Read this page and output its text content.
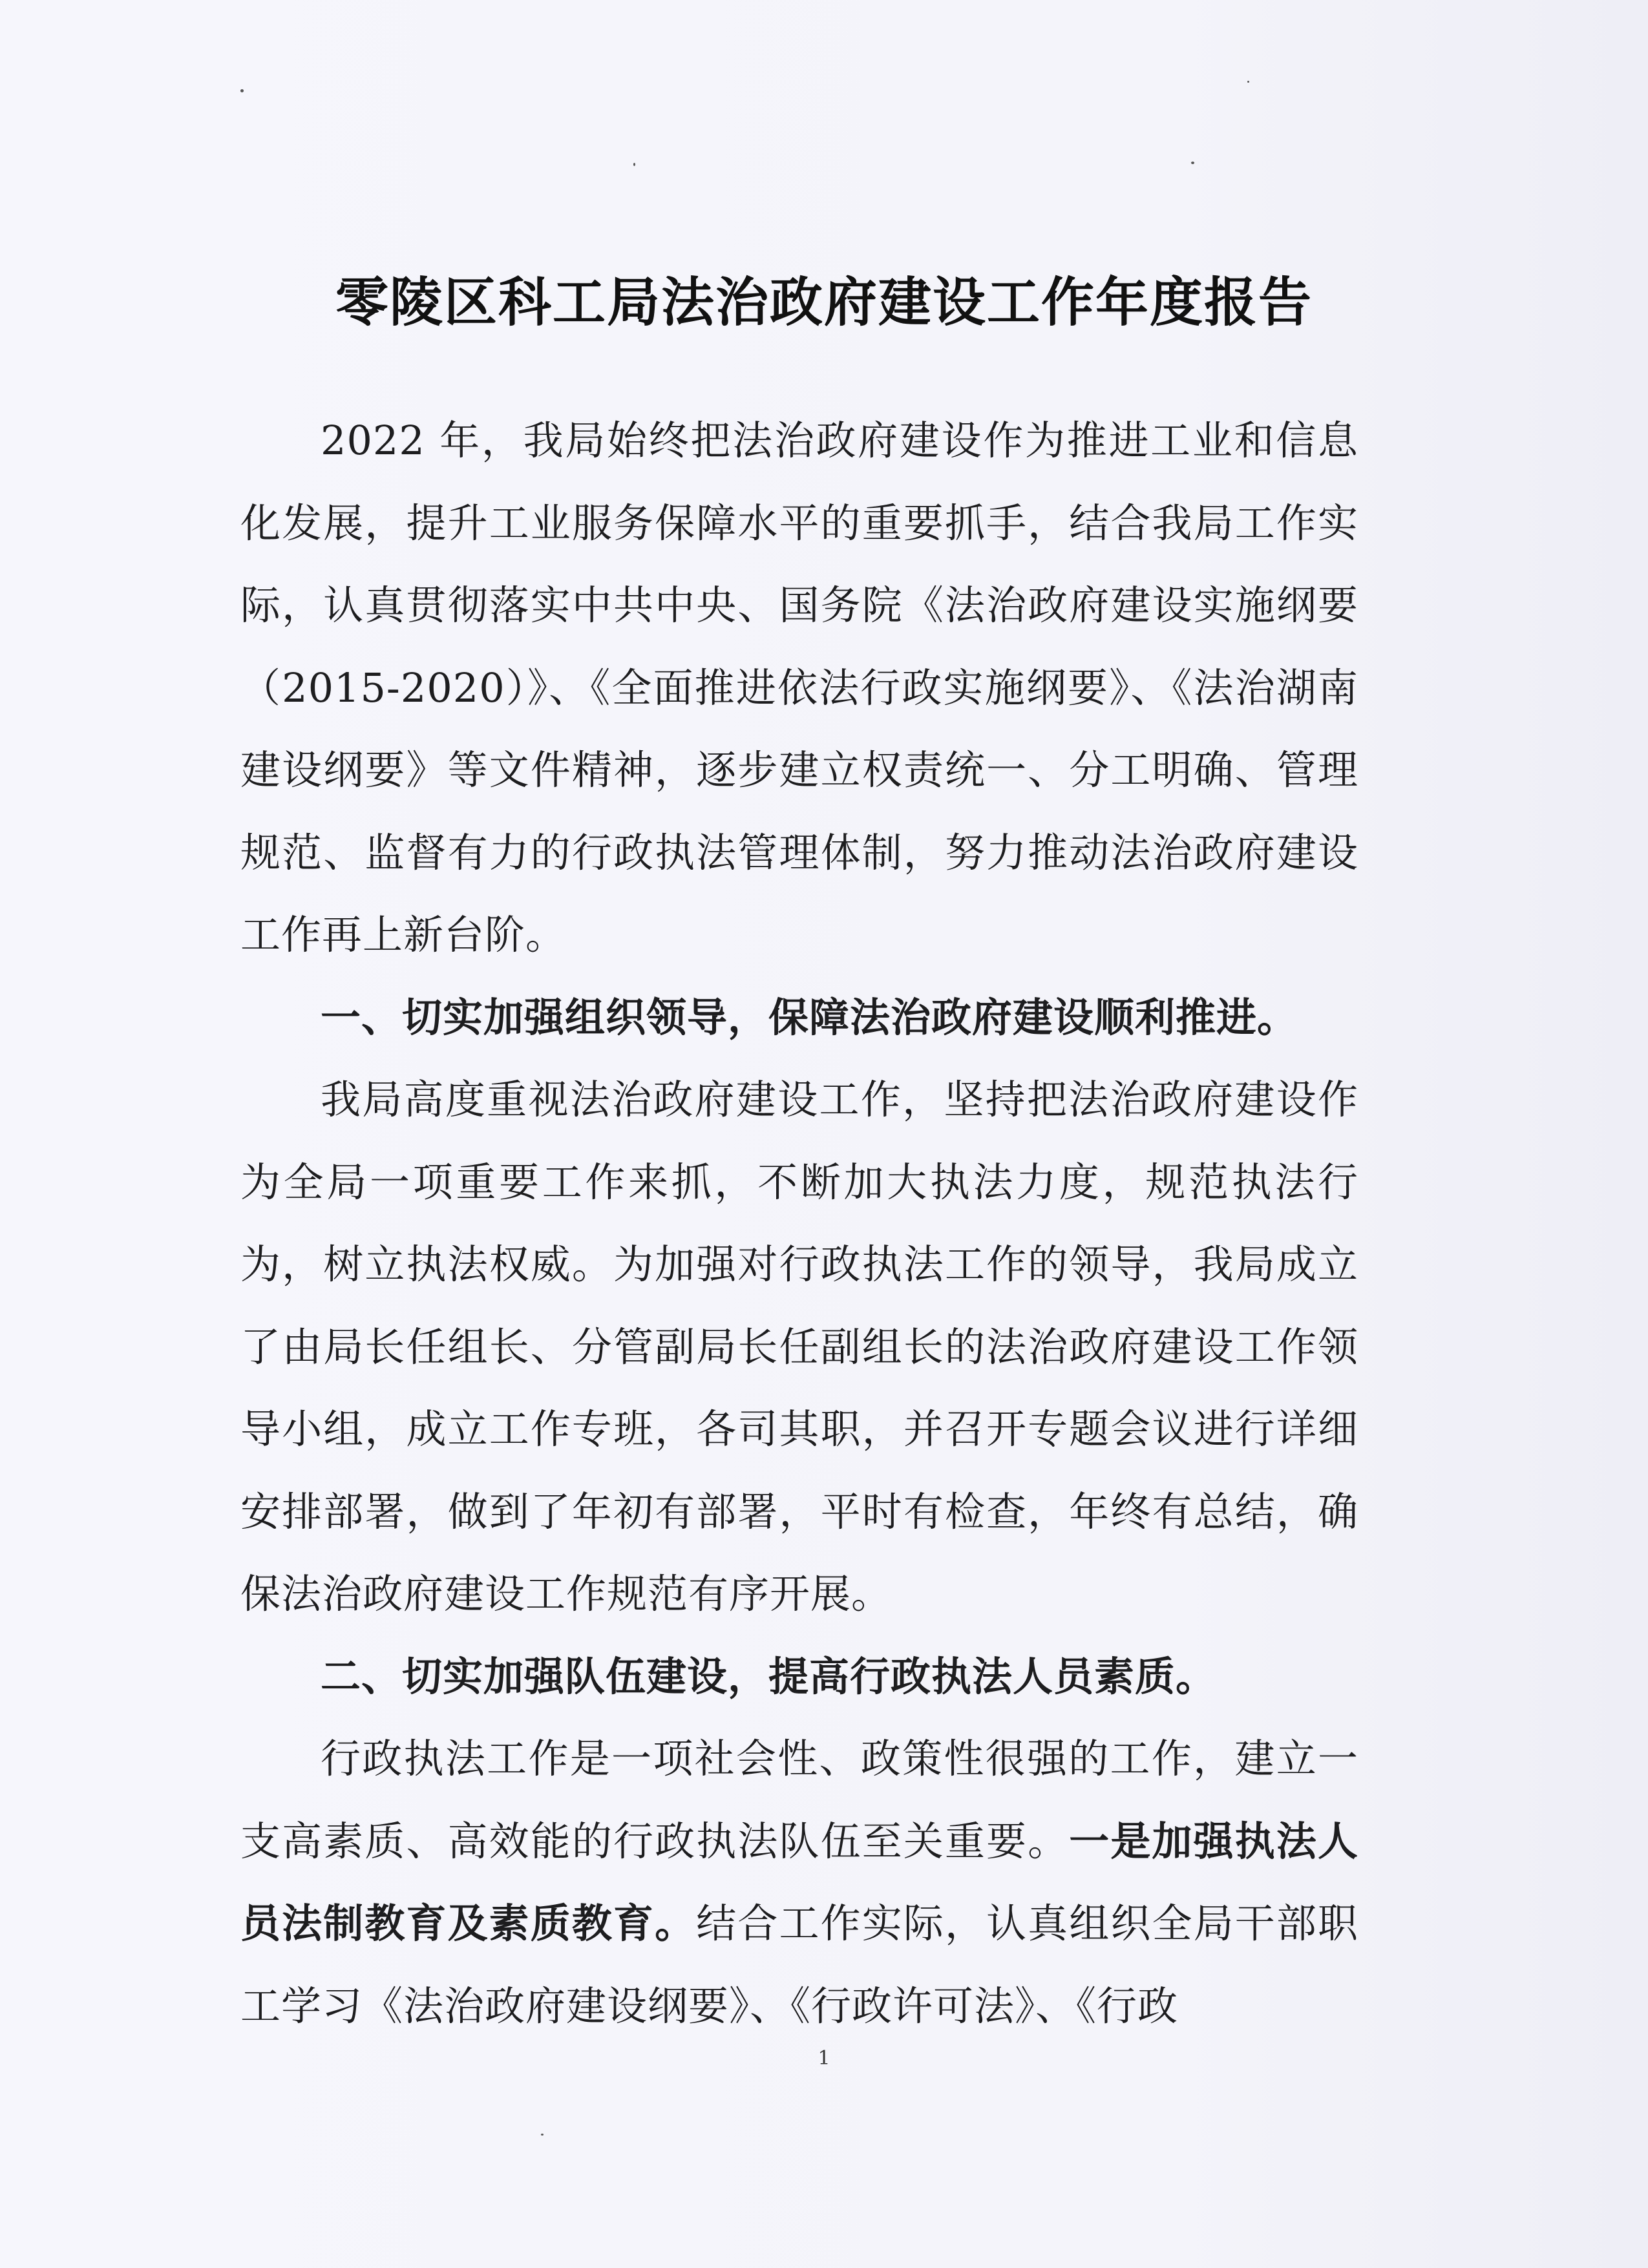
零陵区科工局法治政府建设工作年度报告

2022 年，我局始终把法治政府建设作为推进工业和信息化发展，提升工业服务保障水平的重要抓手，结合我局工作实际，认真贯彻落实中共中央、国务院《法治政府建设实施纲要（2015-2020）》、《全面推进依法行政实施纲要》、《法治湖南建设纲要》等文件精神，逐步建立权责统一、分工明确、管理规范、监督有力的行政执法管理体制，努力推动法治政府建设工作再上新台阶。

一、切实加强组织领导，保障法治政府建设顺利推进。

我局高度重视法治政府建设工作，坚持把法治政府建设作为全局一项重要工作来抓，不断加大执法力度，规范执法行为，树立执法权威。为加强对行政执法工作的领导，我局成立了由局长任组长、分管副局长任副组长的法治政府建设工作领导小组，成立工作专班，各司其职，并召开专题会议进行详细安排部署，做到了年初有部署，平时有检查，年终有总结，确保法治政府建设工作规范有序开展。

二、切实加强队伍建设，提高行政执法人员素质。

行政执法工作是一项社会性、政策性很强的工作，建立一支高素质、高效能的行政执法队伍至关重要。一是加强执法人员法制教育及素质教育。结合工作实际，认真组织全局干部职工学习《法治政府建设纲要》、《行政许可法》、《行政

1
